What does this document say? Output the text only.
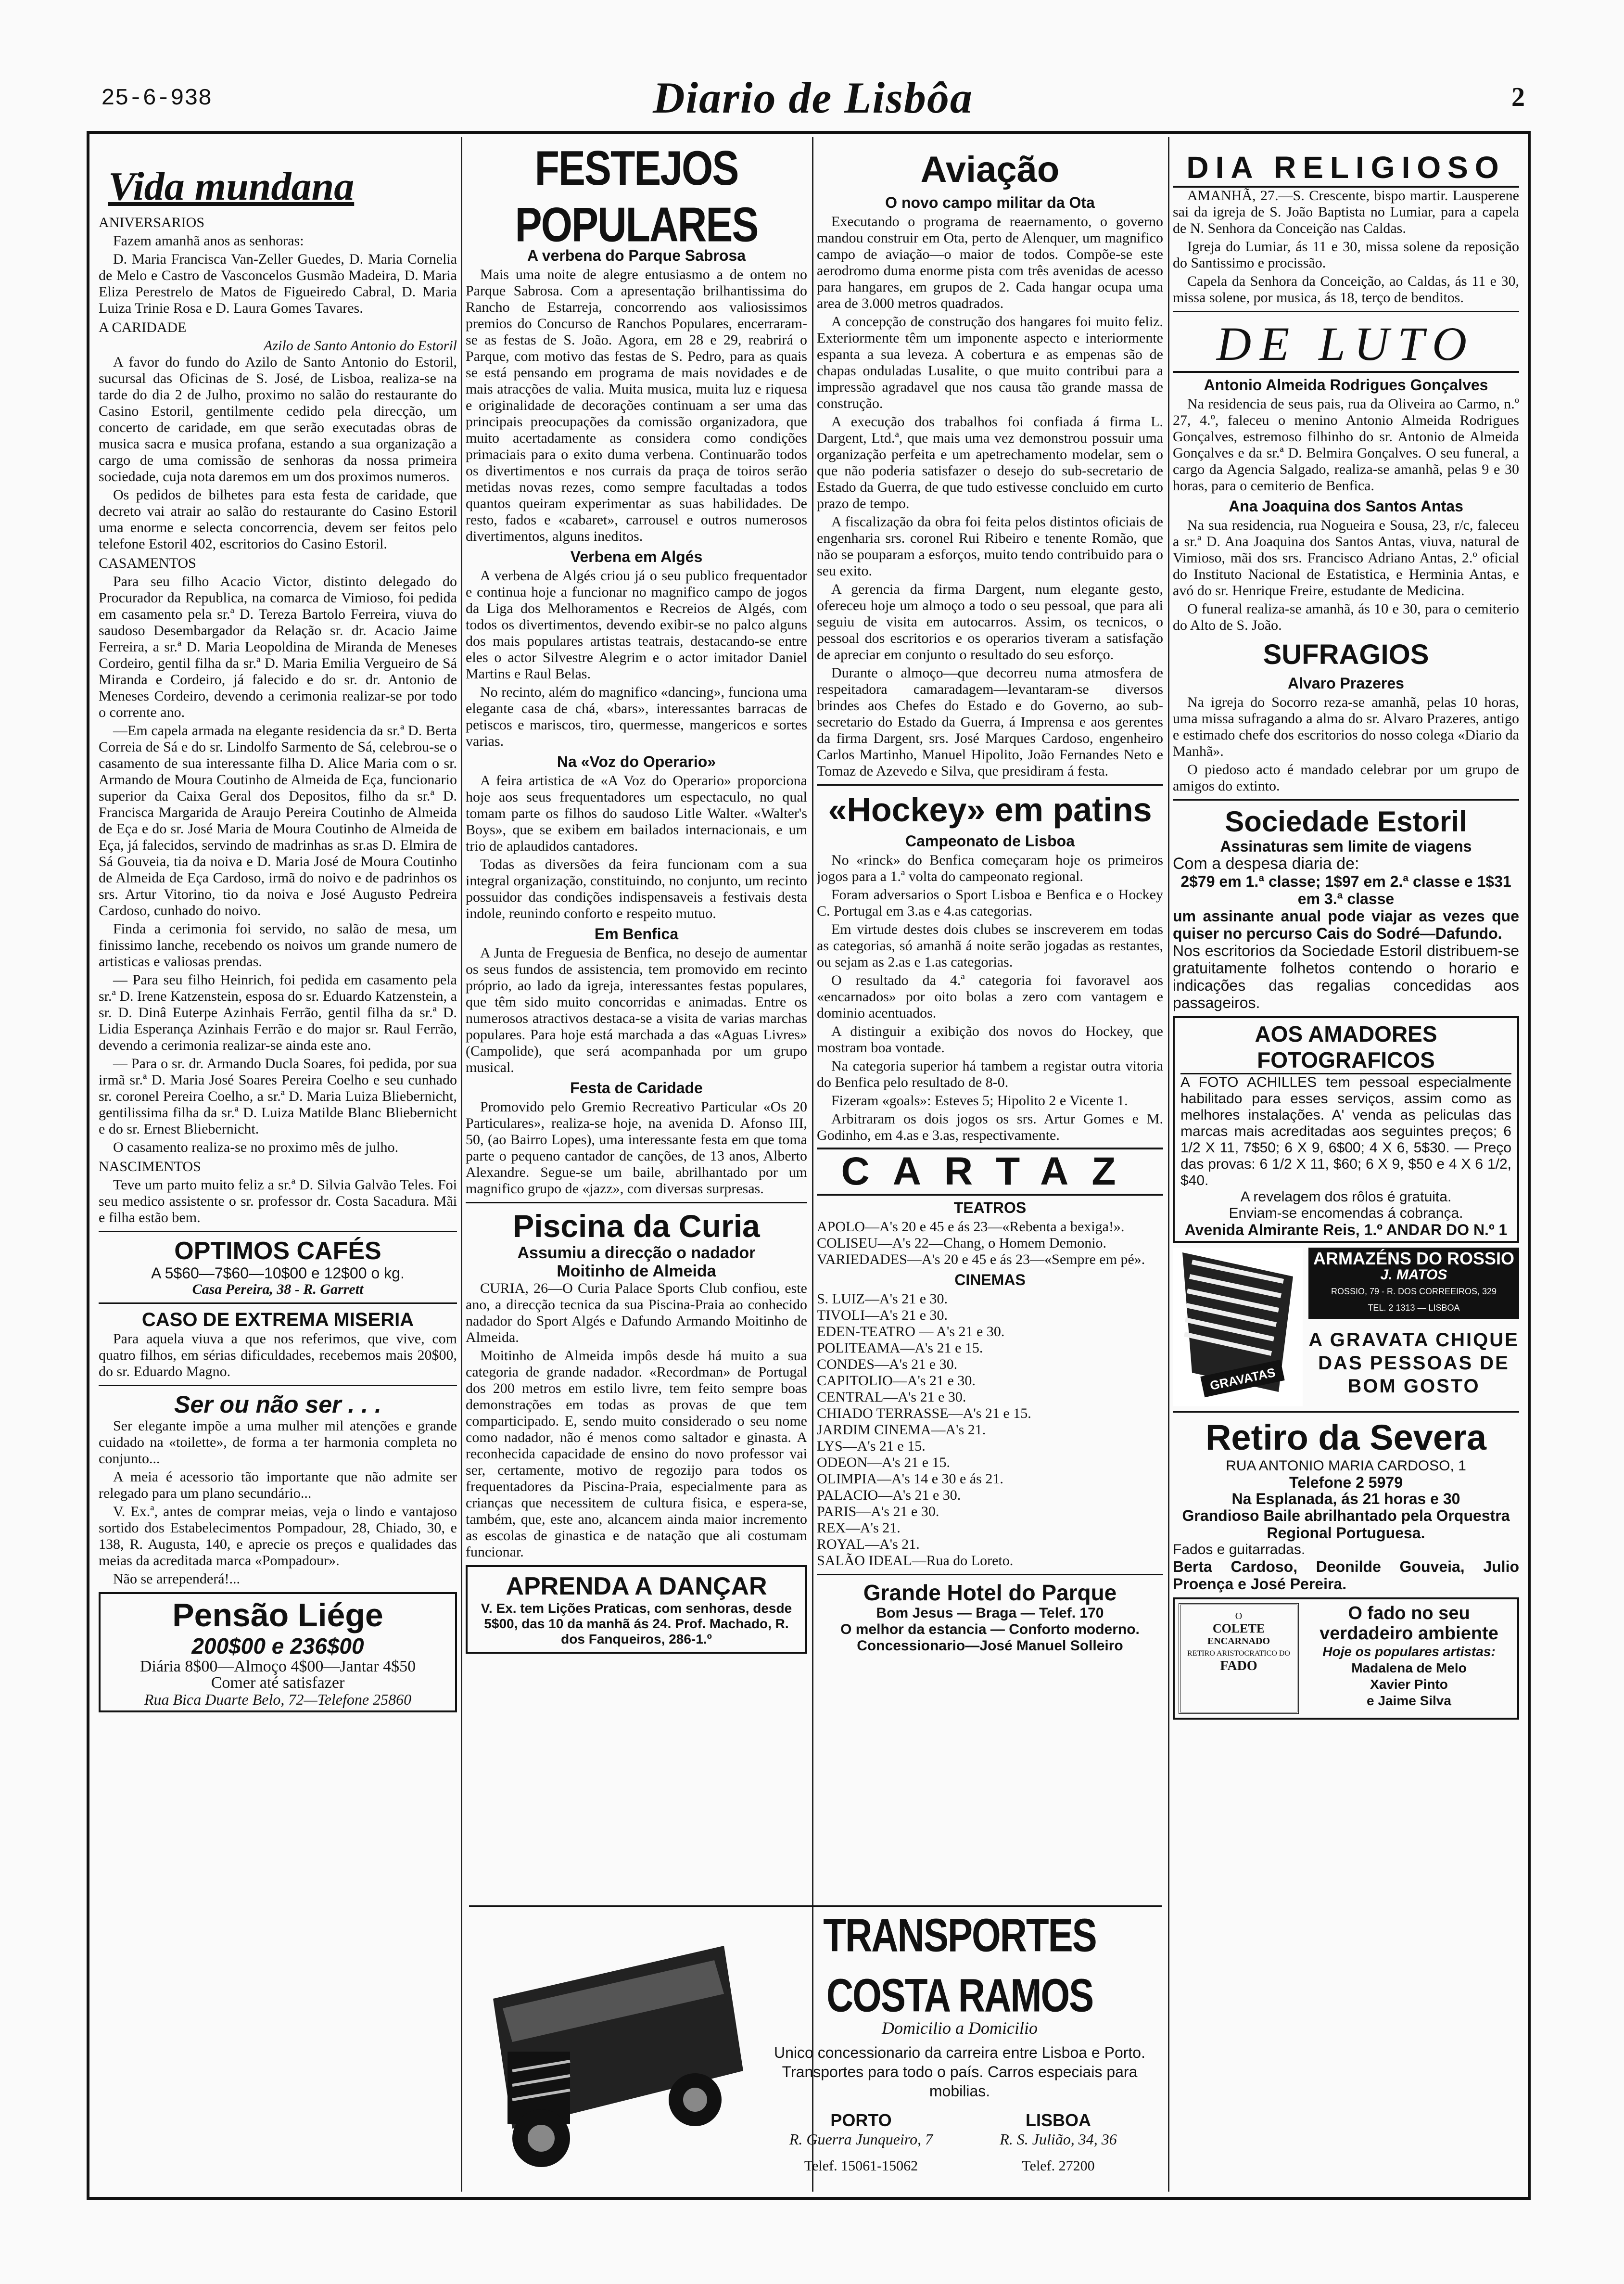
25-6-938	Diario de Lisbôa	2
Vida mundana
ANIVERSARIOS

Fazem amanhã anos as senhoras:

D. Maria Francisca Van-Zeller Guedes, D. Maria Cornelia de Melo e Castro de Vasconcelos Gusmão Madeira, D. Maria Eliza Perestrelo de Matos de Figueiredo Cabral, D. Maria Luiza Trinie Rosa e D. Laura Gomes Tavares.

A CARIDADE
Azilo de Santo Antonio do Estoril

A favor do fundo do Azilo de Santo Antonio do Estoril, sucursal das Oficinas de S. José, de Lisboa, realiza-se na tarde do dia 2 de Julho, proximo no salão do restaurante do Casino Estoril, gentilmente cedido pela direcção, um concerto de caridade, em que serão executadas obras de musica sacra e musica profana, estando a sua organização a cargo de uma comissão de senhoras da nossa primeira sociedade, cuja nota daremos em um dos proximos numeros.

Os pedidos de bilhetes para esta festa de caridade, que decreto vai atrair ao salão do restaurante do Casino Estoril uma enorme e selecta concorrencia, devem ser feitos pelo telefone Estoril 402, escritorios do Casino Estoril.

CASAMENTOS

Para seu filho Acacio Victor, distinto delegado do Procurador da Republica, na comarca de Vimioso, foi pedida em casamento pela sr.ª D. Tereza Bartolo Ferreira, viuva do saudoso Desembargador da Relação sr. dr. Acacio Jaime Ferreira, a sr.ª D. Maria Leopoldina de Miranda de Meneses Cordeiro, gentil filha da sr.ª D. Maria Emilia Vergueiro de Sá Miranda e Cordeiro, já falecido e do sr. dr. Antonio de Meneses Cordeiro, devendo a cerimonia realizar-se por todo o corrente ano.

—Em capela armada na elegante residencia da sr.ª D. Berta Correia de Sá e do sr. Lindolfo Sarmento de Sá, celebrou-se o casamento de sua interessante filha D. Alice Maria com o sr. Armando de Moura Coutinho de Almeida de Eça, funcionario superior da Caixa Geral dos Depositos, filho da sr.ª D. Francisca Margarida de Araujo Pereira Coutinho de Almeida de Eça e do sr. José Maria de Moura Coutinho de Almeida de Eça, já falecidos, servindo de madrinhas as sr.as D. Elmira de Sá Gouveia, tia da noiva e D. Maria José de Moura Coutinho de Almeida de Eça Cardoso, irmã do noivo e de padrinhos os srs. Artur Vitorino, tio da noiva e José Augusto Pedreira Cardoso, cunhado do noivo.

Finda a cerimonia foi servido, no salão de mesa, um finissimo lanche, recebendo os noivos um grande numero de artisticas e valiosas prendas.

— Para seu filho Heinrich, foi pedida em casamento pela sr.ª D. Irene Katzenstein, esposa do sr. Eduardo Katzenstein, a sr. D. Dinâ Euterpe Azinhais Ferrão, gentil filha da sr.ª D. Lidia Esperança Azinhais Ferrão e do major sr. Raul Ferrão, devendo a cerimonia realizar-se ainda este ano.

— Para o sr. dr. Armando Ducla Soares, foi pedida, por sua irmã sr.ª D. Maria José Soares Pereira Coelho e seu cunhado sr. coronel Pereira Coelho, a sr.ª D. Maria Luiza Bliebernicht, gentilissima filha da sr.ª D. Luiza Matilde Blanc Bliebernicht e do sr. Ernest Bliebernicht.

O casamento realiza-se no proximo mês de julho.

NASCIMENTOS

Teve um parto muito feliz a sr.ª D. Silvia Galvão Teles. Foi seu medico assistente o sr. professor dr. Costa Sacadura. Mãi e filha estão bem.

OPTIMOS CAFÉS
A 5$60—7$60—10$00 e 12$00 o kg.
Casa Pereira, 38 - R. Garrett
CASO DE EXTREMA MISERIA

Para aquela viuva a que nos referimos, que vive, com quatro filhos, em sérias dificuldades, recebemos mais 20$00, do sr. Eduardo Magno.

Ser ou não ser . . .

Ser elegante impõe a uma mulher mil atenções e grande cuidado na «toilette», de forma a ter harmonia completa no conjunto...

A meia é acessorio tão importante que não admite ser relegado para um plano secundário...

V. Ex.ª, antes de comprar meias, veja o lindo e vantajoso sortido dos Estabelecimentos Pompadour, 28, Chiado, 30, e 138, R. Augusta, 140, e aprecie os preços e qualidades das meias da acreditada marca «Pompadour».

Não se arrependerá!...

Pensão Liége
200$00 e 236$00
Diária 8$00—Almoço 4$00—Jantar 4$50
Comer até satisfazer
Rua Bica Duarte Belo, 72—Telefone 25860
FESTEJOS POPULARES
A verbena do Parque Sabrosa

Mais uma noite de alegre entusiasmo a de ontem no Parque Sabrosa. Com a apresentação brilhantissima do Rancho de Estarreja, concorrendo aos valiosissimos premios do Concurso de Ranchos Populares, encerraram-se as festas de S. João. Agora, em 28 e 29, reabrirá o Parque, com motivo das festas de S. Pedro, para as quais se está pensando em programa de mais novidades e de mais atracções de valia. Muita musica, muita luz e riquesa e originalidade de decorações continuam a ser uma das principais preocupações da comissão organizadora, que muito acertadamente as considera como condições primaciais para o exito duma verbena. Continuarão todos os divertimentos e nos currais da praça de toiros serão metidas novas rezes, como sempre facultadas a todos quantos queiram experimentar as suas habilidades. De resto, fados e «cabaret», carrousel e outros numerosos divertimentos, alguns ineditos.

Verbena em Algés

A verbena de Algés criou já o seu publico frequentador e continua hoje a funcionar no magnifico campo de jogos da Liga dos Melhoramentos e Recreios de Algés, com todos os divertimentos, devendo exibir-se no palco alguns dos mais populares artistas teatrais, destacando-se entre eles o actor Silvestre Alegrim e o actor imitador Daniel Martins e Raul Belas.

No recinto, além do magnifico «dancing», funciona uma elegante casa de chá, «bars», interessantes barracas de petiscos e mariscos, tiro, quermesse, mangericos e sortes varias.

Na «Voz do Operario»

A feira artistica de «A Voz do Operario» proporciona hoje aos seus frequentadores um espectaculo, no qual tomam parte os filhos do saudoso Litle Walter. «Walter's Boys», que se exibem em bailados internacionais, e um trio de aplaudidos cantadores.

Todas as diversões da feira funcionam com a sua integral organização, constituindo, no conjunto, um recinto possuidor das condições indispensaveis a festivais desta indole, reunindo conforto e respeito mutuo.

Em Benfica

A Junta de Freguesia de Benfica, no desejo de aumentar os seus fundos de assistencia, tem promovido em recinto próprio, ao lado da igreja, interessantes festas populares, que têm sido muito concorridas e animadas. Entre os numerosos atractivos destaca-se a visita de varias marchas populares. Para hoje está marchada a das «Aguas Livres» (Campolide), que será acompanhada por um grupo musical.

Festa de Caridade

Promovido pelo Gremio Recreativo Particular «Os 20 Particulares», realiza-se hoje, na avenida D. Afonso III, 50, (ao Bairro Lopes), uma interessante festa em que toma parte o pequeno cantador de canções, de 13 anos, Alberto Alexandre. Segue-se um baile, abrilhantado por um magnifico grupo de «jazz», com diversas surpresas.

Piscina da Curia
Assumiu a direcção o nadador Moitinho de Almeida

CURIA, 26—O Curia Palace Sports Club confiou, este ano, a direcção tecnica da sua Piscina-Praia ao conhecido nadador do Sport Algés e Dafundo Armando Moitinho de Almeida.

Moitinho de Almeida impôs desde há muito a sua categoria de grande nadador. «Recordman» de Portugal dos 200 metros em estilo livre, tem feito sempre boas demonstrações em todas as provas de que tem comparticipado. E, sendo muito considerado o seu nome como nadador, não é menos como saltador e ginasta. A reconhecida capacidade de ensino do novo professor vai ser, certamente, motivo de regozijo para todos os frequentadores da Piscina-Praia, especialmente para as crianças que necessitem de cultura fisica, e espera-se, também, que, este ano, alcancem ainda maior incremento as escolas de ginastica e de natação que ali costumam funcionar.

APRENDA A DANÇAR
V. Ex. tem Lições Praticas, com senhoras, desde 5$00, das 10 da manhã ás 24. Prof. Machado, R. dos Fanqueiros, 286-1.º
Aviação
O novo campo militar da Ota

Executando o programa de reaernamento, o governo mandou construir em Ota, perto de Alenquer, um magnifico campo de aviação—o maior de todos. Compõe-se este aerodromo duma enorme pista com três avenidas de acesso para hangares, em grupos de 2. Cada hangar ocupa uma area de 3.000 metros quadrados.

A concepção de construção dos hangares foi muito feliz. Exteriormente têm um imponente aspecto e interiormente espanta a sua leveza. A cobertura e as empenas são de chapas onduladas Lusalite, o que muito contribui para a impressão agradavel que nos causa tão grande massa de construção.

A execução dos trabalhos foi confiada á firma L. Dargent, Ltd.ª, que mais uma vez demonstrou possuir uma organização perfeita e um apetrechamento modelar, sem o que não poderia satisfazer o desejo do sub-secretario de Estado da Guerra, de que tudo estivesse concluido em curto prazo de tempo.

A fiscalização da obra foi feita pelos distintos oficiais de engenharia srs. coronel Rui Ribeiro e tenente Romão, que não se pouparam a esforços, muito tendo contribuido para o seu exito.

A gerencia da firma Dargent, num elegante gesto, ofereceu hoje um almoço a todo o seu pessoal, que para ali seguiu de visita em autocarros. Assim, os tecnicos, o pessoal dos escritorios e os operarios tiveram a satisfação de apreciar em conjunto o resultado do seu esforço.

Durante o almoço—que decorreu numa atmosfera de respeitadora camaradagem—levantaram-se diversos brindes aos Chefes do Estado e do Governo, ao sub-secretario do Estado da Guerra, á Imprensa e aos gerentes da firma Dargent, srs. José Marques Cardoso, engenheiro Carlos Martinho, Manuel Hipolito, João Fernandes Neto e Tomaz de Azevedo e Silva, que presidiram á festa.

«Hockey» em patins
Campeonato de Lisboa

No «rinck» do Benfica começaram hoje os primeiros jogos para a 1.ª volta do campeonato regional.

Foram adversarios o Sport Lisboa e Benfica e o Hockey C. Portugal em 3.as e 4.as categorias.

Em virtude destes dois clubes se inscreverem em todas as categorias, só amanhã á noite serão jogadas as restantes, ou sejam as 2.as e 1.as categorias.

O resultado da 4.ª categoria foi favoravel aos «encarnados» por oito bolas a zero com vantagem e dominio acentuados.

A distinguir a exibição dos novos do Hockey, que mostram boa vontade.

Na categoria superior há tambem a registar outra vitoria do Benfica pelo resultado de 8-0.

Fizeram «goals»: Esteves 5; Hipolito 2 e Vicente 1.

Arbitraram os dois jogos os srs. Artur Gomes e M. Godinho, em 4.as e 3.as, respectivamente.

CARTAZ
TEATROS

APOLO—A's 20 e 45 e ás 23—«Rebenta a bexiga!».

COLISEU—A's 22—Chang, o Homem Demonio.

VARIEDADES—A's 20 e 45 e ás 23—«Sempre em pé».

CINEMAS

S. LUIZ—A's 21 e 30.

TIVOLI—A's 21 e 30.

EDEN-TEATRO — A's 21 e 30.

POLITEAMA—A's 21 e 15.

CONDES—A's 21 e 30.

CAPITOLIO—A's 21 e 30.

CENTRAL—A's 21 e 30.

CHIADO TERRASSE—A's 21 e 15.

JARDIM CINEMA—A's 21.

LYS—A's 21 e 15.

ODEON—A's 21 e 15.

OLIMPIA—A's 14 e 30 e ás 21.

PALACIO—A's 21 e 30.

PARIS—A's 21 e 30.

REX—A's 21.

ROYAL—A's 21.

SALÃO IDEAL—Rua do Loreto.

Grande Hotel do Parque
Bom Jesus — Braga — Telef. 170
O melhor da estancia — Conforto moderno.
Concessionario—José Manuel Solleiro
DIA RELIGIOSO

AMANHÃ, 27.—S. Crescente, bispo martir. Lausperene sai da igreja de S. João Baptista no Lumiar, para a capela de N. Senhora da Conceição nas Caldas.

Igreja do Lumiar, ás 11 e 30, missa solene da reposição do Santissimo e procissão.

Capela da Senhora da Conceição, ao Caldas, ás 11 e 30, missa solene, por musica, ás 18, terço de benditos.

DE LUTO
Antonio Almeida Rodrigues Gonçalves

Na residencia de seus pais, rua da Oliveira ao Carmo, n.º 27, 4.º, faleceu o menino Antonio Almeida Rodrigues Gonçalves, estremoso filhinho do sr. Antonio de Almeida Gonçalves e da sr.ª D. Belmira Gonçalves. O seu funeral, a cargo da Agencia Salgado, realiza-se amanhã, pelas 9 e 30 horas, para o cemiterio de Benfica.

Ana Joaquina dos Santos Antas

Na sua residencia, rua Nogueira e Sousa, 23, r/c, faleceu a sr.ª D. Ana Joaquina dos Santos Antas, viuva, natural de Vimioso, mãi dos srs. Francisco Adriano Antas, 2.º oficial do Instituto Nacional de Estatistica, e Herminia Antas, e avó do sr. Henrique Freire, estudante de Medicina.

O funeral realiza-se amanhã, ás 10 e 30, para o cemiterio do Alto de S. João.

SUFRAGIOS
Alvaro Prazeres

Na igreja do Socorro reza-se amanhã, pelas 10 horas, uma missa sufragando a alma do sr. Alvaro Prazeres, antigo e estimado chefe dos escritorios do nosso colega «Diario da Manhã».

O piedoso acto é mandado celebrar por um grupo de amigos do extinto.

Sociedade Estoril
Assinaturas sem limite de viagens
Com a despesa diaria de:
2$79 em 1.ª classe; 1$97 em 2.ª classe e 1$31 em 3.ª classe
um assinante anual pode viajar as vezes que quiser no percurso Cais do Sodré—Dafundo.
Nos escritorios da Sociedade Estoril distribuem-se gratuitamente folhetos contendo o horario e indicações das regalias concedidas aos passageiros.
AOS AMADORES FOTOGRAFICOS
A FOTO ACHILLES tem pessoal especialmente habilitado para esses serviços, assim como as melhores instalações. A' venda as peliculas das marcas mais acreditadas aos seguintes preços; 6 1/2 X 11, 7$50; 6 X 9, 6$00; 4 X 6, 5$30. — Preço das provas: 6 1/2 X 11, $60; 6 X 9, $50 e 4 X 6 1/2, $40.
A revelagem dos rôlos é gratuita.
Enviam-se encomendas á cobrança.
Avenida Almirante Reis, 1.º ANDAR DO N.º 1
GRAVATAS
ARMAZÉNS DO ROSSIO
J. MATOS
ROSSIO, 79 - R. DOS CORREEIROS, 329
TEL. 2 1313 — LISBOA
A GRAVATA CHIQUE DAS PESSOAS DE BOM GOSTO
Retiro da Severa
RUA ANTONIO MARIA CARDOSO, 1
Telefone 2 5979
Na Esplanada, ás 21 horas e 30
Grandioso Baile abrilhantado pela Orquestra Regional Portuguesa.
Fados e guitarradas.
Berta Cardoso, Deonilde Gouveia, Julio Proença e José Pereira.
O
COLETE
ENCARNADO
RETIRO ARISTOCRATICO DO
FADO
O fado no seu verdadeiro ambiente
Hoje os populares artistas:
Madalena de Melo
Xavier Pinto
e Jaime Silva
TRANSPORTES COSTA RAMOS
Domicilio a Domicilio
Unico concessionario da carreira entre Lisboa e Porto. Transportes para todo o país. Carros especiais para mobilias.
PORTO
R. Guerra Junqueiro, 7
Telef. 15061-15062
LISBOA
R. S. Julião, 34, 36
Telef. 27200
